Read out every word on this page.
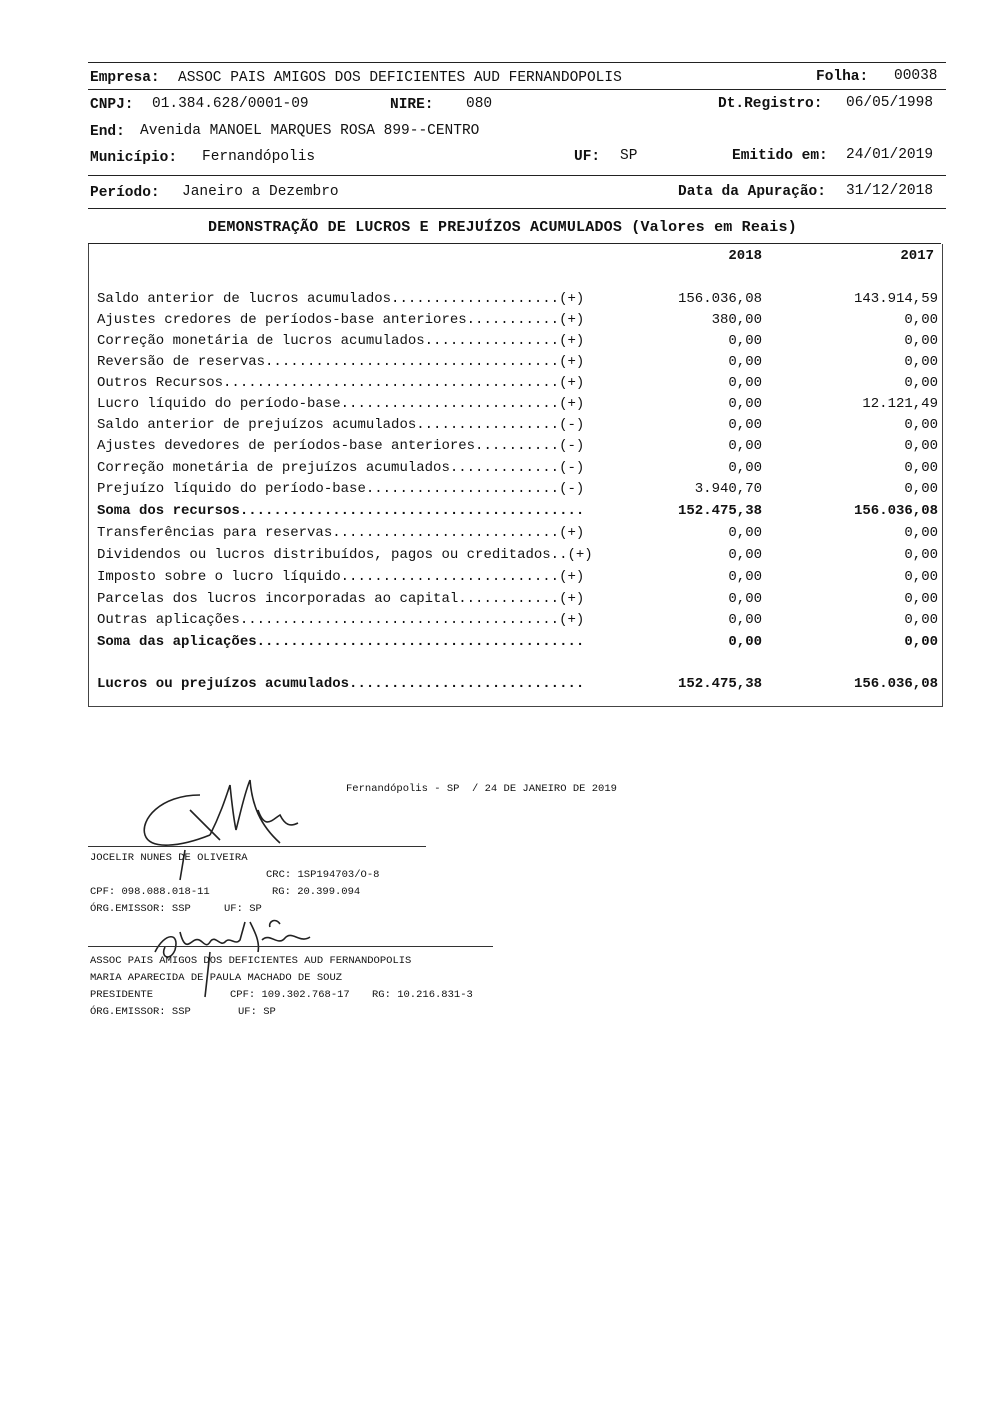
Empresa: ASSOC PAIS AMIGOS DOS DEFICIENTES AUD FERNANDOPOLIS	Folha: 00038
CNPJ: 01.384.628/0001-09	NIRE: 080	Dt.Registro: 06/05/1998
End: Avenida MANOEL MARQUES ROSA 899--CENTRO
Município: Fernandópolis	UF: SP	Emitido em: 24/01/2019
Período: Janeiro a Dezembro	Data da Apuração: 31/12/2018
DEMONSTRAÇÃO DE LUCROS E PREJUÍZOS ACUMULADOS (Valores em Reais)
2018	2017
Saldo anterior de lucros acumulados....................(+)	156.036,08	143.914,59
Ajustes credores de períodos-base anteriores...........(+)	380,00	0,00
Correção monetária de lucros acumulados................(+)	0,00	0,00
Reversão de reservas...................................(+)	0,00	0,00
Outros Recursos........................................(+)	0,00	0,00
Lucro líquido do período-base..........................(+)	0,00	12.121,49
Saldo anterior de prejuízos acumulados.................(-)	0,00	0,00
Ajustes devedores de períodos-base anteriores..........(-)	0,00	0,00
Correção monetária de prejuízos acumulados.............(-)	0,00	0,00
Prejuízo líquido do período-base.......................(-)	3.940,70	0,00
Soma dos recursos.........................................	152.475,38	156.036,08
Transferências para reservas...........................(+)	0,00	0,00
Dividendos ou lucros distribuídos, pagos ou creditados..(+)	0,00	0,00
Imposto sobre o lucro líquido..........................(+)	0,00	0,00
Parcelas dos lucros incorporadas ao capital............(+)	0,00	0,00
Outras aplicações......................................(+)	0,00	0,00
Soma das aplicações.......................................	0,00	0,00
Lucros ou prejuízos acumulados............................	152.475,38	156.036,08
Fernandópolis - SP  / 24 DE JANEIRO DE 2019
JOCELIR NUNES DE OLIVEIRA
CRC: 1SP194703/O-8
CPF: 098.088.018-11	RG: 20.399.094
ÓRG.EMISSOR: SSP	UF: SP
ASSOC PAIS AMIGOS DOS DEFICIENTES AUD FERNANDOPOLIS
MARIA APARECIDA DE PAULA MACHADO DE SOUZ
PRESIDENTE	CPF: 109.302.768-17 RG: 10.216.831-3
ÓRG.EMISSOR: SSP	UF: SP
